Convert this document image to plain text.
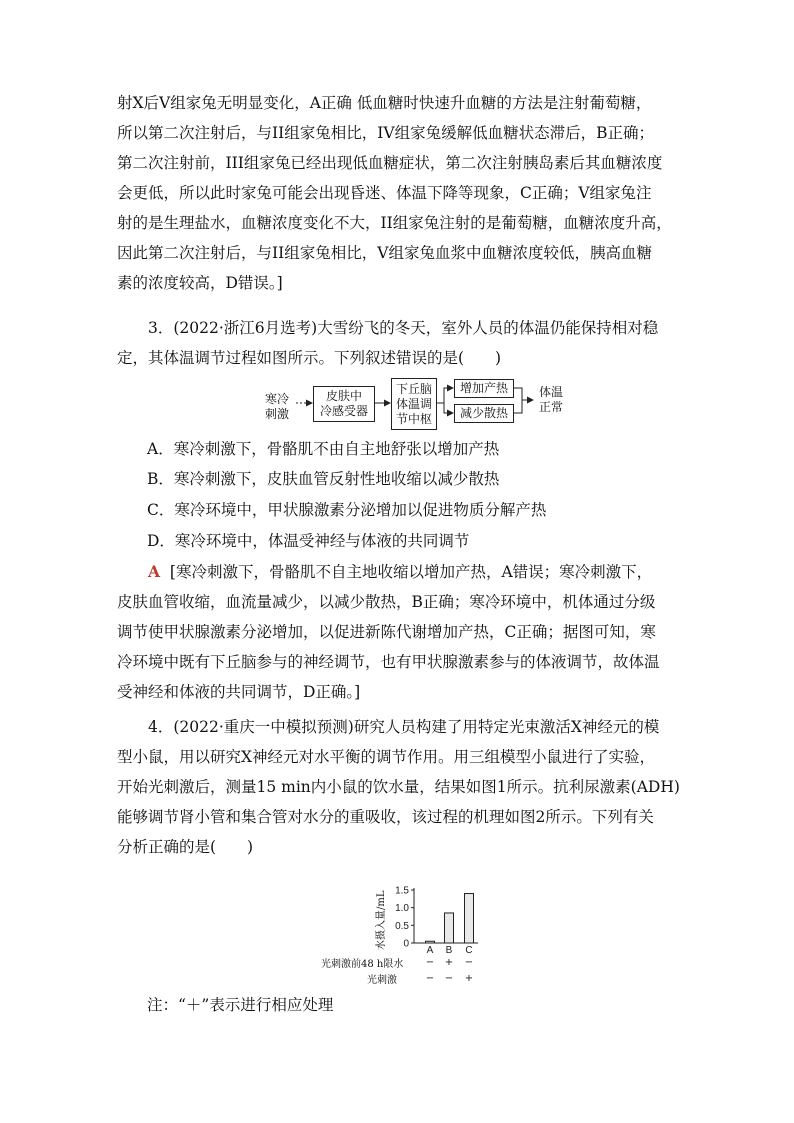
射X后V组家兔无明显变化，A正确 低血糖时快速升血糖的方法是注射葡萄糖，
所以第二次注射后，与II组家兔相比，IV组家兔缓解低血糖状态滞后，B正确；
第二次注射前，III组家兔已经出现低血糖症状，第二次注射胰岛素后其血糖浓度
会更低，所以此时家兔可能会出现昏迷、体温下降等现象，C正确；V组家兔注
射的是生理盐水，血糖浓度变化不大，II组家兔注射的是葡萄糖，血糖浓度升高，
因此第二次注射后，与II组家兔相比，V组家兔血浆中血糖浓度较低，胰高血糖
素的浓度较高，D错误。]
3．(2022·浙江6月选考)大雪纷飞的冬天，室外人员的体温仍能保持相对稳
定，其体温调节过程如图所示。下列叙述错误的是(　　)
寒冷
刺激
皮肤中
冷感受器
下丘脑
体温调
节中枢
增加产热
减少散热
体温
正常
A．寒冷刺激下，骨骼肌不由自主地舒张以增加产热
B．寒冷刺激下，皮肤血管反射性地收缩以减少散热
C．寒冷环境中，甲状腺激素分泌增加以促进物质分解产热
D．寒冷环境中，体温受神经与体液的共同调节
A [寒冷刺激下，骨骼肌不自主地收缩以增加产热，A错误；寒冷刺激下，
皮肤血管收缩，血流量减少，以减少散热，B正确；寒冷环境中，机体通过分级
调节使甲状腺激素分泌增加，以促进新陈代谢增加产热，C正确；据图可知，寒
冷环境中既有下丘脑参与的神经调节，也有甲状腺激素参与的体液调节，故体温
受神经和体液的共同调节，D正确。]
4．(2022·重庆一中模拟预测)研究人员构建了用特定光束激活X神经元的模
型小鼠，用以研究X神经元对水平衡的调节作用。用三组模型小鼠进行了实验，
开始光刺激后，测量15 min内小鼠的饮水量，结果如图1所示。抗利尿激素(ADH)
能够调节肾小管和集合管对水分的重吸收，该过程的机理如图2所示。下列有关
分析正确的是(　　)
水摄入量/mL 0
0.5
1.0
1.5
A B C
− + −
− − +
光刺激前48 h限水
光刺激
注：“＋”表示进行相应处理
